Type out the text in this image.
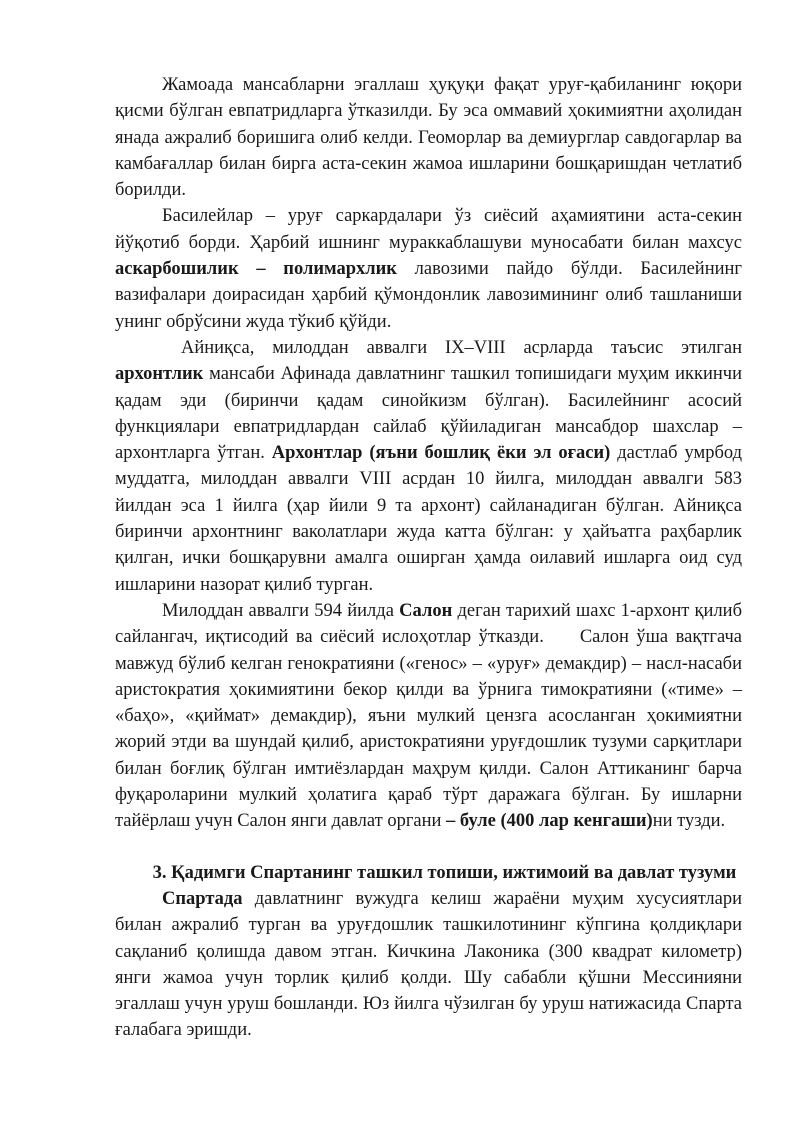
Жамоада мансабларни эгаллаш ҳуқуқи фақат уруғ-қабиланинг юқори қисми бўлган евпатридларга ўтказилди. Бу эса оммавий ҳокимиятни аҳолидан янада ажралиб боришига олиб келди. Геоморлар ва демиурглар савдогарлар ва камбағаллар билан бирга аста-секин жамоа ишларини бошқаришдан четлатиб борилди.

Басилейлар – уруғ саркардалари ўз сиёсий аҳамиятини аста-секин йўқотиб борди. Ҳарбий ишнинг мураккаблашуви муносабати билан махсус аскарбошилик – полимархлик лавозими пайдо бўлди. Басилейнинг вазифалари доирасидан ҳарбий қўмондонлик лавозимининг олиб ташланиши унинг обрўсини жуда тўкиб қўйди.

Айниқса, милоддан аввалги IX–VIII асрларда таъсис этилган архонтлик мансаби Афинада давлатнинг ташкил топишидаги муҳим иккинчи қадам эди (биринчи қадам синойкизм бўлган). Басилейнинг асосий функциялари евпатридлардан сайлаб қўйиладиган мансабдор шахслар – архонтларга ўтган. Архонтлар (яъни бошлиқ ёки эл оғаси) дастлаб умрбод муддатга, милоддан аввалги VIII асрдан 10 йилга, милоддан аввалги 583 йилдан эса 1 йилга (ҳар йили 9 та архонт) сайланадиган бўлган. Айниқса биринчи архонтнинг ваколатлари жуда катта бўлган: у ҳайъатга раҳбарлик қилган, ички бошқарувни амалга оширган ҳамда оилавий ишларга оид суд ишларини назорат қилиб турган.

Милоддан аввалги 594 йилда Салон деган тарихий шахс 1-архонт қилиб сайлангач, иқтисодий ва сиёсий ислоҳотлар ўтказди. Салон ўша вақтгача мавжуд бўлиб келган генократияни («генос» – «уруғ» демакдир) – насл-насаби аристократия ҳокимиятини бекор қилди ва ўрнига тимократияни («тиме» – «баҳо», «қиймат» демакдир), яъни мулкий цензга асосланган ҳокимиятни жорий этди ва шундай қилиб, аристократияни уруғдошлик тузуми сарқитлари билан боғлиқ бўлган имтиёзлардан маҳрум қилди. Салон Аттиканинг барча фуқароларини мулкий ҳолатига қараб тўрт даражага бўлган. Бу ишларни тайёрлаш учун Салон янги давлат органи – буле (400 лар кенгаши)ни тузди.

3. Қадимги Спартанинг ташкил топиши, ижтимоий ва давлат тузуми

Спартада давлатнинг вужудга келиш жараёни муҳим хусусиятлари билан ажралиб турган ва уруғдошлик ташкилотининг кўпгина қолдиқлари сақланиб қолишда давом этган. Кичкина Лаконика (300 квадрат километр) янги жамоа учун торлик қилиб қолди. Шу сабабли қўшни Мессинияни эгаллаш учун уруш бошланди. Юз йилга чўзилган бу уруш натижасида Спарта ғалабага эришди.
